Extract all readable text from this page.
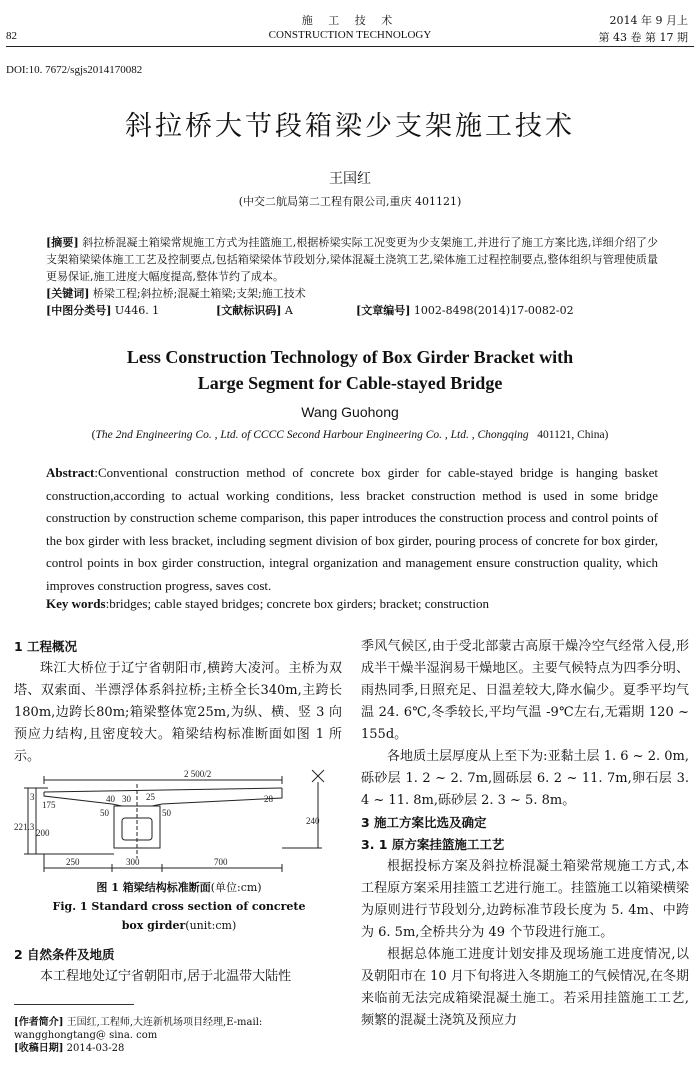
82
施 工 技 术
CONSTRUCTION TECHNOLOGY
2014 年 9 月上
第 43 卷 第 17 期
DOI:10. 7672/sgjs2014170082
斜拉桥大节段箱梁少支架施工技术
王国红
(中交二航局第二工程有限公司,重庆 401121)

[摘要] 斜拉桥混凝土箱梁常规施工方式为挂篮施工,根据桥梁实际工况变更为少支架施工,并进行了施工方案比选,详细介绍了少支架箱梁梁体施工工艺及控制要点,包括箱梁梁体节段划分,梁体混凝土浇筑工艺,梁体施工过程控制要点,整体组织与管理使质量更易保证,施工进度大幅度提高,整体节约了成本。

[关键词] 桥梁工程;斜拉桥;混凝土箱梁;支架;施工技术

[中图分类号] U446. 1	[文献标识码] A	[文章编号] 1002-8498(2014)17-0082-02
Less Construction Technology of Box Girder Bracket with
Large Segment for Cable-stayed Bridge
Wang Guohong
(The 2nd Engineering Co. , Ltd. of CCCC Second Harbour Engineering Co. , Ltd. , Chongqing 401121, China)
Abstract:Conventional construction method of concrete box girder for cable-stayed bridge is hanging basket construction,according to actual working conditions, less bracket construction method is used in some bridge construction by construction scheme comparison, this paper introduces the construction process and control points of the box girder with less bracket, including segment division of box girder, pouring process of concrete for box girder, control points in box girder construction, integral organization and management ensure construction quality, which improves construction progress, saves cost.
Key words:bridges; cable stayed bridges; concrete box girders; bracket; construction

1 工程概况

珠江大桥位于辽宁省朝阳市,横跨大凌河。主桥为双塔、双索面、半漂浮体系斜拉桥;主桥全长340m,主跨长180m,边跨长80m;箱梁整体宽25m,为纵、横、竖 3 向预应力结构,且密度较大。箱梁结构标准断面如图 1 所示。

2 500/2
40 30
50	50
25	28
240
175
200
3
221.3
250	300	700
图 1 箱梁结构标准断面(单位:cm)
Fig. 1 Standard cross section of concrete
box girder(unit:cm)

2 自然条件及地质

本工程地处辽宁省朝阳市,居于北温带大陆性

[作者简介] 王国红,工程师,大连新机场项目经理,E-mail:
wangghongtang@ sina. com
[收稿日期] 2014-03-28

季风气候区,由于受北部蒙古高原干燥冷空气经常入侵,形成半干燥半湿润易干燥地区。主要气候特点为四季分明、雨热同季,日照充足、日温差较大,降水偏少。夏季平均气温 24. 6℃,冬季较长,平均气温 -9℃左右,无霜期 120 ~ 155d。

各地质土层厚度从上至下为:亚黏土层 1. 6 ~ 2. 0m,砾砂层 1. 2 ~ 2. 7m,圆砾层 6. 2 ~ 11. 7m,卵石层 3. 4 ~ 11. 8m,砾砂层 2. 3 ~ 5. 8m。

3 施工方案比选及确定

3. 1 原方案挂篮施工工艺

根据投标方案及斜拉桥混凝土箱梁常规施工方式,本工程原方案采用挂篮工艺进行施工。挂篮施工以箱梁横梁为原则进行节段划分,边跨标准节段长度为 5. 4m、中跨为 6. 5m,全桥共分为 49 个节段进行施工。

根据总体施工进度计划安排及现场施工进度情况,以及朝阳市在 10 月下旬将进入冬期施工的气候情况,在冬期来临前无法完成箱梁混凝土施工。若采用挂篮施工工艺,频繁的混凝土浇筑及预应力
